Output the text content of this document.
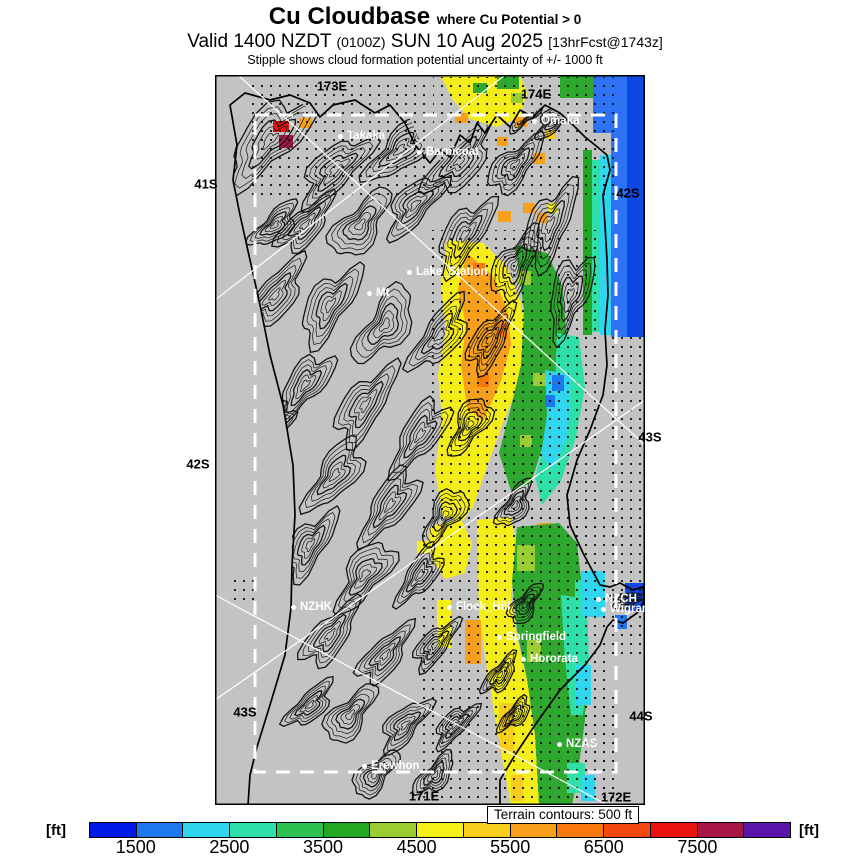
Cu Cloudbase where Cu Potential > 0
Valid 1400 NZDT (0100Z) SUN 10 Aug 2025 [13hrFcst@1743z]
Stipple shows cloud formation potential uncertainty of +/- 1000 ft
173E
174E
41S
42S
42S
43S
43S	44S
171E	172E
Takaka
Barnicoat
Omaka
Lake_Station
Mt
NZHK	Flock_Hill
Springfield
Hororata
NZCH
Wigram
NZAS
Erewhon
Terrain contours: 500 ft
[ft]
1500	2500	3500	4500	5500	6500	7500
[ft]
